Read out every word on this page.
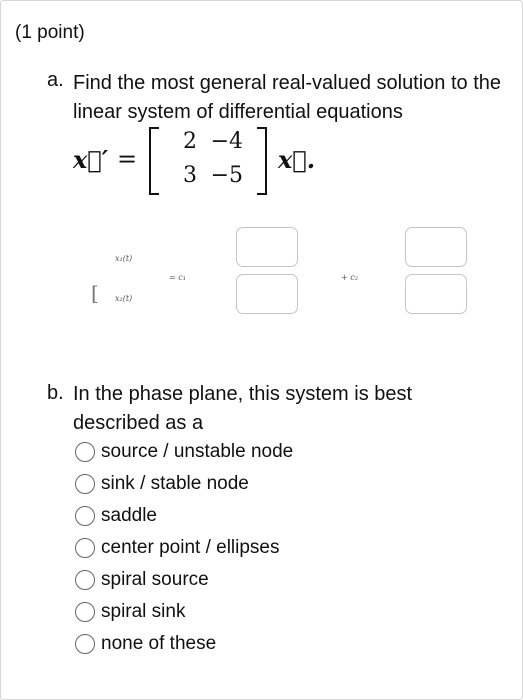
(1 point)
a. Find the most general real-valued solution to the linear system of differential equations
x⃗′ =
2 −4
3 −5
x⃗.
x₁(t)
[ x₂(t)
= c₁	+ c₂
b. In the phase plane, this system is best described as a
source / unstable node
sink / stable node
saddle
center point / ellipses
spiral source
spiral sink
none of these
